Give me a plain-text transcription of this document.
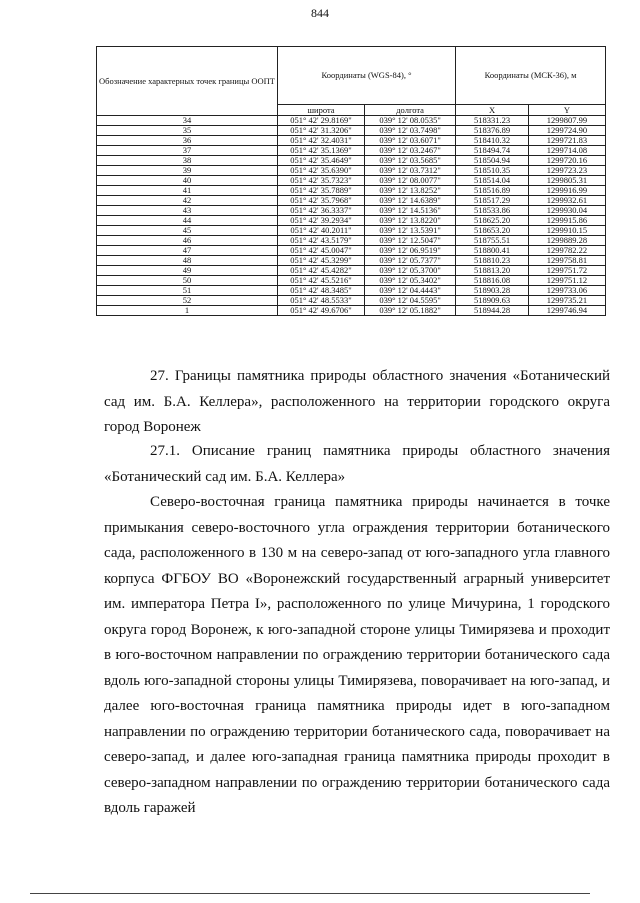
844
Обозначение характерных точек границы ООПТ	Координаты (WGS-84), °		Координаты (МСК-36), м	
	широта	долгота	X	Y
34	051° 42' 29.8169"	039° 12' 08.0535"	518331.23	1299807.99
35	051° 42' 31.3206"	039° 12' 03.7498"	518376.89	1299724.90
36	051° 42' 32.4031"	039° 12' 03.6071"	518410.32	1299721.83
37	051° 42' 35.1369"	039° 12' 03.2467"	518494.74	1299714.08
38	051° 42' 35.4649"	039° 12' 03.5685"	518504.94	1299720.16
39	051° 42' 35.6390"	039° 12' 03.7312"	518510.35	1299723.23
40	051° 42' 35.7323"	039° 12' 08.0077"	518514.04	1299805.31
41	051° 42' 35.7889"	039° 12' 13.8252"	518516.89	1299916.99
42	051° 42' 35.7968"	039° 12' 14.6389"	518517.29	1299932.61
43	051° 42' 36.3337"	039° 12' 14.5136"	518533.86	1299930.04
44	051° 42' 39.2934"	039° 12' 13.8220"	518625.20	1299915.86
45	051° 42' 40.2011"	039° 12' 13.5391"	518653.20	1299910.15
46	051° 42' 43.5179"	039° 12' 12.5047"	518755.51	1299889.28
47	051° 42' 45.0047"	039° 12' 06.9519"	518800.41	1299782.22
48	051° 42' 45.3299"	039° 12' 05.7377"	518810.23	1299758.81
49	051° 42' 45.4282"	039° 12' 05.3700"	518813.20	1299751.72
50	051° 42' 45.5216"	039° 12' 05.3402"	518816.08	1299751.12
51	051° 42' 48.3485"	039° 12' 04.4443"	518903.28	1299733.06
52	051° 42' 48.5533"	039° 12' 04.5595"	518909.63	1299735.21
1	051° 42' 49.6706"	039° 12' 05.1882"	518944.28	1299746.94

27. Границы памятника природы областного значения «Ботанический сад им. Б.А. Келлера», расположенного на территории городского округа город Воронеж

27.1. Описание границ памятника природы областного значения «Ботанический сад им. Б.А. Келлера»

Северо-восточная граница памятника природы начинается в точке примыкания северо-восточного угла ограждения территории ботанического сада, расположенного в 130 м на северо-запад от юго-западного угла главного корпуса ФГБОУ ВО «Воронежский государственный аграрный университет им. императора Петра I», расположенного по улице Мичурина, 1 городского округа город Воронеж, к юго-западной стороне улицы Тимирязева и проходит в юго-восточном направлении по ограждению территории ботанического сада вдоль юго-западной стороны улицы Тимирязева, поворачивает на юго-запад, и далее юго-восточная граница памятника природы идет в юго-западном направлении по ограждению территории ботанического сада, поворачивает на северо-запад, и далее юго-западная граница памятника природы проходит в северо-западном направлении по ограждению территории ботанического сада вдоль гаражей
